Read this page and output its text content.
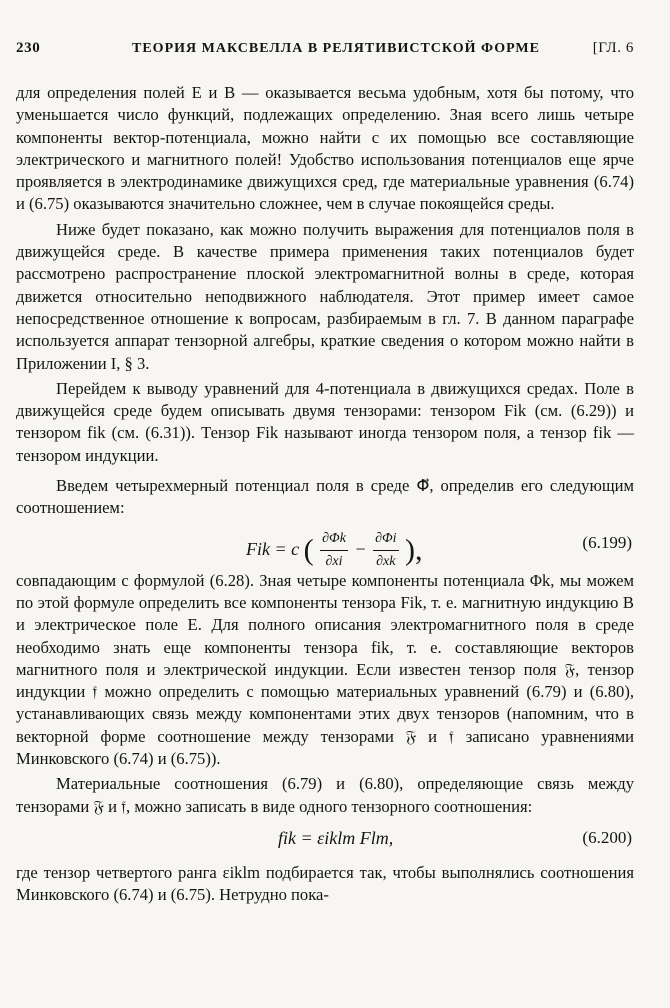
230	ТЕОРИЯ МАКСВЕЛЛА В РЕЛЯТИВИСТСКОЙ ФОРМЕ	[ГЛ. 6

для определения полей E и B — оказывается весьма удобным, хотя бы потому, что уменьшается число функций, подлежащих определению. Зная всего лишь четыре компоненты вектор-потенциала, можно найти с их помощью все составляющие электрического и магнитного полей! Удобство использования потенциалов еще ярче проявляется в электродинамике движущихся сред, где материальные уравнения (6.74) и (6.75) оказываются значительно сложнее, чем в случае покоящейся среды.

Ниже будет показано, как можно получить выражения для потенциалов поля в движущейся среде. В качестве примера применения таких потенциалов будет рассмотрено распространение плоской электромагнитной волны в среде, которая движется относительно неподвижного наблюдателя. Этот пример имеет самое непосредственное отношение к вопросам, разбираемым в гл. 7. В данном параграфе используется аппарат тензорной алгебры, краткие сведения о котором можно найти в Приложении I, § 3.

Перейдем к выводу уравнений для 4-потенциала в движущихся средах. Поле в движущейся среде будем описывать двумя тензорами: тензором Fik (см. (6.29)) и тензором fik (см. (6.31)). Тензор Fik называют иногда тензором поля, а тензор fik — тензором индукции.

Введем четырехмерный потенциал поля в среде Φ⃗, определив его следующим соотношением:

Fik = c ( $\frac{\partial\Phi k}{\partial xi} - \frac{\partial\Phi i}{\partial xk}$ ),	(6.199)

совпадающим с формулой (6.28). Зная четыре компоненты потенциала Φk, мы можем по этой формуле определить все компоненты тензора Fik, т. е. магнитную индукцию B и электрическое поле E. Для полного описания электромагнитного поля в среде необходимо знать еще компоненты тензора fik, т. е. составляющие векторов магнитного поля и электрической индукции. Если известен тензор поля 𝔉, тензор индукции 𝔣 можно определить с помощью материальных уравнений (6.79) и (6.80), устанавливающих связь между компонентами этих двух тензоров (напомним, что в векторной форме соотношение между тензорами 𝔉 и 𝔣 записано уравнениями Минковского (6.74) и (6.75)).

Материальные соотношения (6.79) и (6.80), определяющие связь между тензорами 𝔉 и 𝔣, можно записать в виде одного тензорного соотношения:

fik = εiklm Flm,	(6.200)

где тензор четвертого ранга εiklm подбирается так, чтобы выполнялись соотношения Минковского (6.74) и (6.75). Нетрудно пока-
